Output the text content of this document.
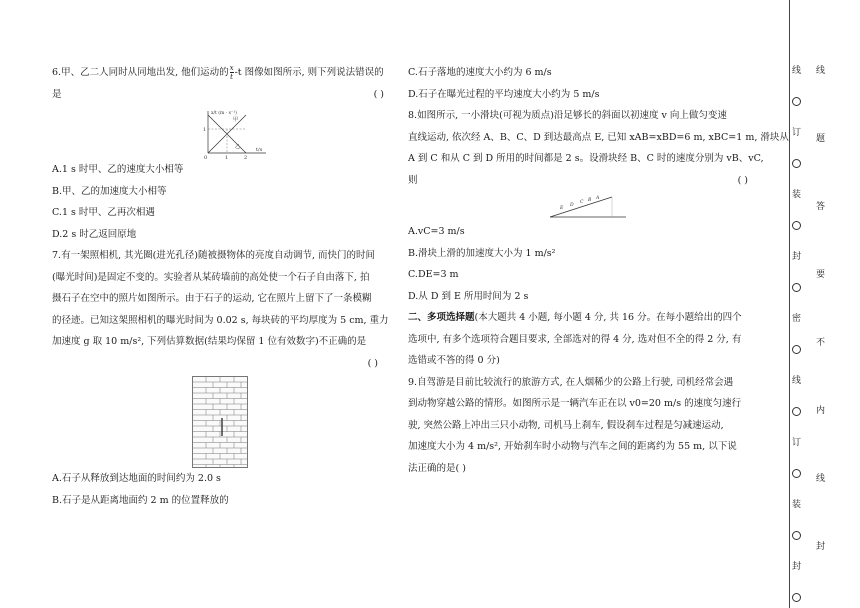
6.甲、乙二人同时从同地出发, 他们运动的 $\frac{x}{t} -t$ 图像如图所示, 则下列说法错误的
是	( )
x/t (m · s⁻¹)
1
0	1	2
t/s
甲
乙
A.1 s 时甲、乙的速度大小相等
B.甲、乙的加速度大小相等
C.1 s 时甲、乙再次相遇
D.2 s 时乙返回原地
7.有一架照相机, 其光圈(进光孔径)随被摄物体的亮度自动调节, 而快门的时间
(曝光时间)是固定不变的。实验者从某砖墙前的高处使一个石子自由落下, 拍
摄石子在空中的照片如图所示。由于石子的运动, 它在照片上留下了一条模糊
的径迹。已知这架照相机的曝光时间为 0.02 s, 每块砖的平均厚度为 5 cm, 重力
加速度 g 取 10 m/s², 下列估算数据(结果均保留 1 位有效数字)不正确的是
( )
A.石子从释放到达地面的时间约为 2.0 s
B.石子是从距离地面约 2 m 的位置释放的
C.石子落地的速度大小约为 6 m/s
D.石子在曝光过程的平均速度大小约为 5 m/s
8.如图所示, 一小滑块(可视为质点)沿足够长的斜面以初速度 v 向上做匀变速
直线运动, 依次经 A、B、C、D 到达最高点 E, 已知 xAB=xBD=6 m, xBC=1 m, 滑块从
A 到 C 和从 C 到 D 所用的时间都是 2 s。设滑块经 B、C 时的速度分别为 vB、vC,
则	( )
E
D
C B A
A.vC=3 m/s
B.滑块上滑的加速度大小为 1 m/s²
C.DE=3 m
D.从 D 到 E 所用时间为 2 s
二、多项选择题(本大题共 4 小题, 每小题 4 分, 共 16 分。在每小题给出的四个
选项中, 有多个选项符合题目要求, 全部选对的得 4 分, 选对但不全的得 2 分, 有
选错或不答的得 0 分)
9.自驾游是目前比较流行的旅游方式, 在人烟稀少的公路上行驶, 司机经常会遇
到动物穿越公路的情形。如图所示是一辆汽车正在以 v0=20 m/s 的速度匀速行
驶, 突然公路上冲出三只小动物, 司机马上刹车, 假设刹车过程是匀减速运动,
加速度大小为 4 m/s², 开始刹车时小动物与汽车之间的距离约为 55 m, 以下说
法正确的是( )
线
订
装
封
密
线
订
装
封
线
题
答
要
不
内
线
封
